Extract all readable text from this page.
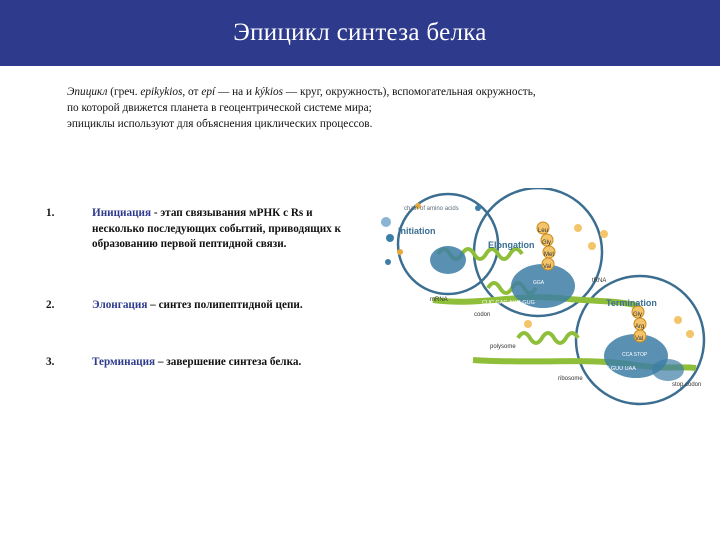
Эпицикл синтеза белка
Эпицикл (греч. epikykios, от epí — на и kýkios — круг, окружность), вспомогательная окружность,
по которой движется планета в геоцентрической системе мира;
эпициклы используют для объяснения циклических процессов.
1.	Инициация - этап связывания мРНК с Rs и несколько последующих событий, приводящих к образованию первой пептидной связи.
2.	Элонгация – синтез полипептидной цепи.
3.	Терминация – завершение синтеза белка.
Leu
Gly
Met
Val
Gly
Arg
Val
chain of amino acids
Initiation
Elongation
Termination
tRNA
mRNA
codon
polysome
ribosome
stop codon
GGA
CCA STOP
CUC GAG AUG GUG
GGA AGG GUU UAA
